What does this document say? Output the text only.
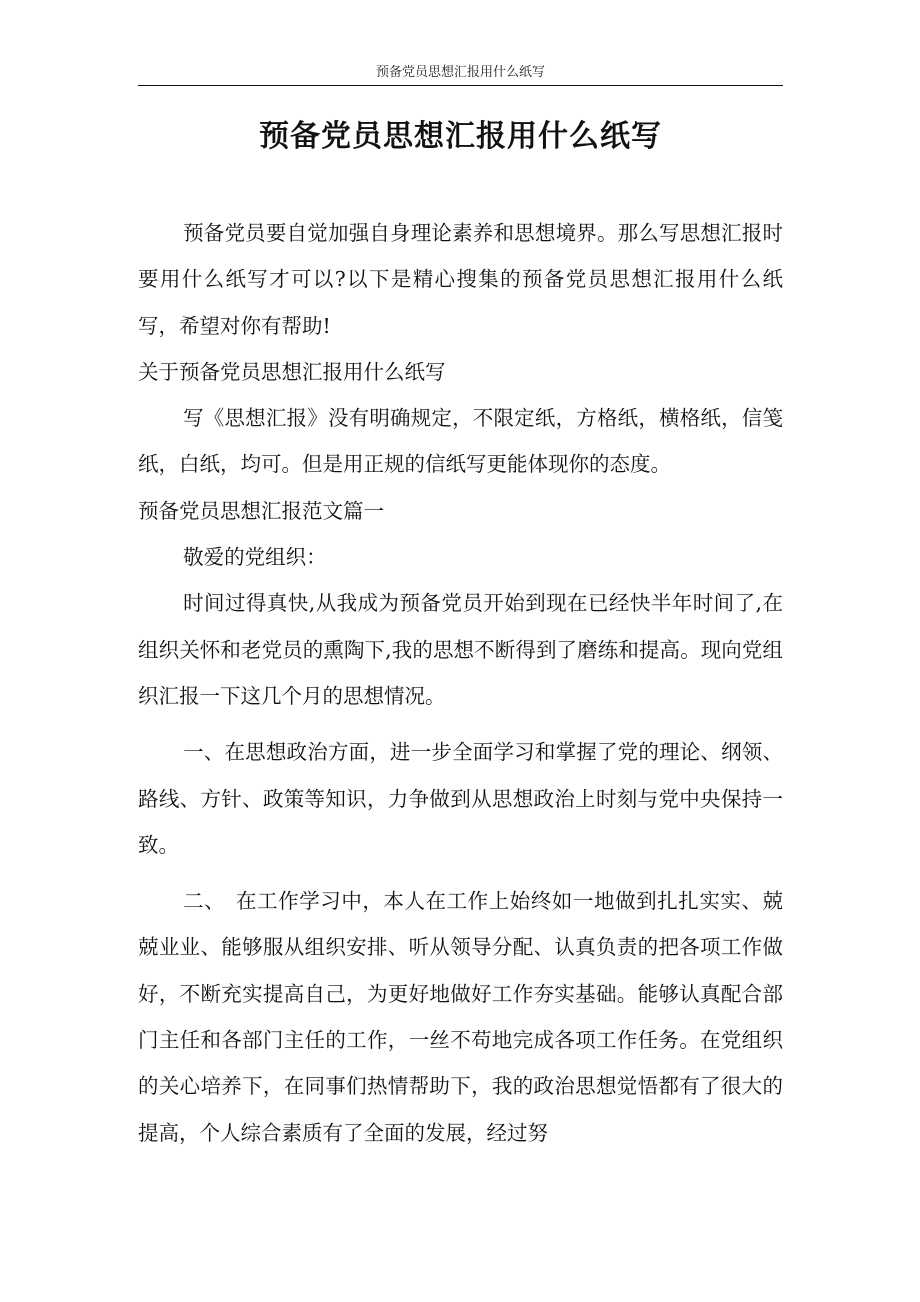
预备党员思想汇报用什么纸写
预备党员思想汇报用什么纸写

预备党员要自觉加强自身理论素养和思想境界。那么写思想汇报时要用什么纸写才可以?以下是精心搜集的预备党员思想汇报用什么纸写，希望对你有帮助!

关于预备党员思想汇报用什么纸写

写《思想汇报》没有明确规定，不限定纸，方格纸，横格纸，信笺纸，白纸，均可。但是用正规的信纸写更能体现你的态度。

预备党员思想汇报范文篇一

敬爱的党组织：

时间过得真快,从我成为预备党员开始到现在已经快半年时间了,在组织关怀和老党员的熏陶下,我的思想不断得到了磨练和提高。现向党组织汇报一下这几个月的思想情况。

一、在思想政治方面，进一步全面学习和掌握了党的理论、纲领、路线、方针、政策等知识，力争做到从思想政治上时刻与党中央保持一致。

二、　在工作学习中，本人在工作上始终如一地做到扎扎实实、兢兢业业、能够服从组织安排、听从领导分配、认真负责的把各项工作做好，不断充实提高自己，为更好地做好工作夯实基础。能够认真配合部门主任和各部门主任的工作，一丝不苟地完成各项工作任务。在党组织的关心培养下，在同事们热情帮助下，我的政治思想觉悟都有了很大的提高，个人综合素质有了全面的发展，经过努
